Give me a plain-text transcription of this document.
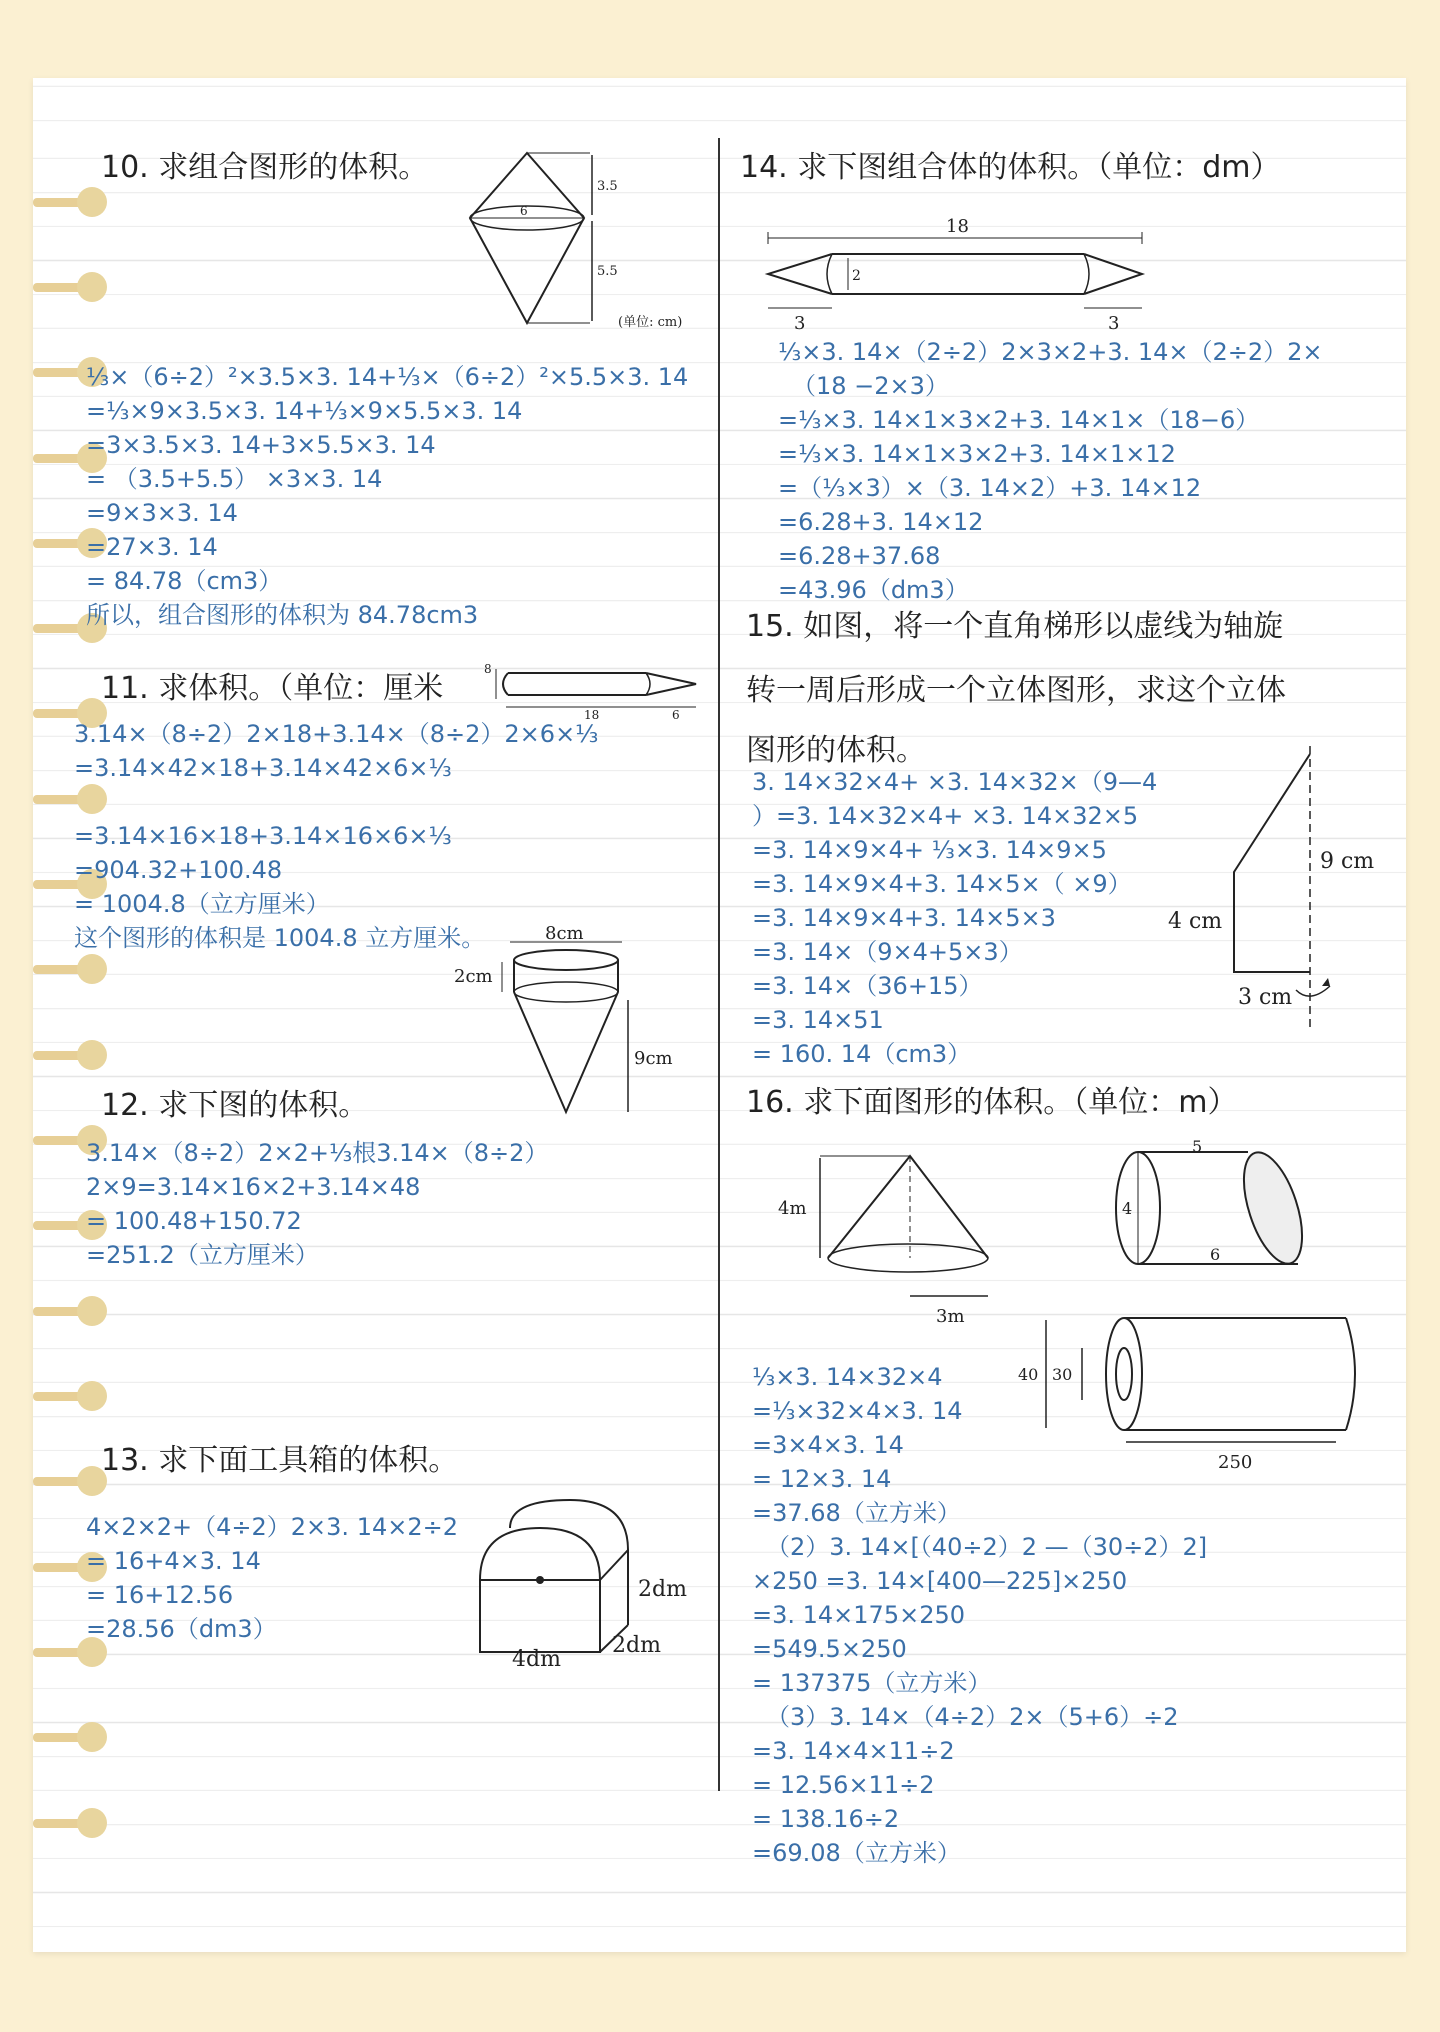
10. 求组合图形的体积。
3.5
5.5
6
(单位: cm)
⅓×（6÷2）²×3.5×3. 14+⅓×（6÷2）²×5.5×3. 14
=⅓×9×3.5×3. 14+⅓×9×5.5×3. 14
=3×3.5×3. 14+3×5.5×3. 14
= （3.5+5.5） ×3×3. 14
=9×3×3. 14
=27×3. 14
= 84.78（cm3）
所以，组合图形的体积为 84.78cm3
11. 求体积。（单位：厘米
8
18	6
3.14×（8÷2）2×18+3.14×（8÷2）2×6×⅓
=3.14×42×18+3.14×42×6×⅓
=3.14×16×18+3.14×16×6×⅓
=904.32+100.48
= 1004.8（立方厘米）
这个图形的体积是 1004.8 立方厘米。	8cm
2cm
9cm
12. 求下图的体积。
3.14×（8÷2）2×2+⅓根3.14×（8÷2）
2×9=3.14×16×2+3.14×48
= 100.48+150.72
=251.2（立方厘米）
13. 求下面工具箱的体积。
4×2×2+（4÷2）2×3. 14×2÷2
= 16+4×3. 14
= 16+12.56
=28.56（dm3）
2dm
2dm
4dm
14. 求下图组合体的体积。（单位：dm）
18
2
3	3
⅓×3. 14×（2÷2）2×3×2+3. 14×（2÷2）2×
（18 −2×3）
=⅓×3. 14×1×3×2+3. 14×1×（18−6）
=⅓×3. 14×1×3×2+3. 14×1×12
=（⅓×3）×（3. 14×2）+3. 14×12
=6.28+3. 14×12
=6.28+37.68
=43.96（dm3）
15. 如图，将一个直角梯形以虚线为轴旋
转一周后形成一个立体图形，求这个立体
图形的体积。
3. 14×32×4+ ×3. 14×32×（9—4
）=3. 14×32×4+ ×3. 14×32×5
=3. 14×9×4+ ⅓×3. 14×9×5
=3. 14×9×4+3. 14×5×（ ×9）
=3. 14×9×4+3. 14×5×3
=3. 14×（9×4+5×3）
=3. 14×（36+15）
=3. 14×51
= 160. 14（cm3）
9 cm
4 cm
3 cm
16. 求下面图形的体积。（单位：m）
4m
3m
5
4
6
40 30
250
⅓×3. 14×32×4
=⅓×32×4×3. 14
=3×4×3. 14
= 12×3. 14
=37.68（立方米）
（2）3. 14×[（40÷2）2 —（30÷2）2]
×250 =3. 14×[400—225]×250
=3. 14×175×250
=549.5×250
= 137375（立方米）
（3）3. 14×（4÷2）2×（5+6）÷2
=3. 14×4×11÷2
= 12.56×11÷2
= 138.16÷2
=69.08（立方米）
